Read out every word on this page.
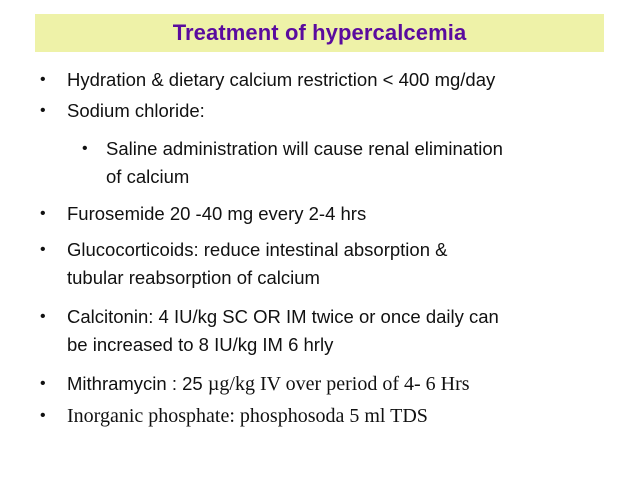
Treatment of hypercalcemia
• Hydration & dietary calcium restriction < 400 mg/day
• Sodium chloride:
• Saline administration will cause renal elimination
of calcium
• Furosemide 20 -40 mg every 2-4 hrs
• Glucocorticoids: reduce intestinal absorption &
tubular reabsorption of calcium
• Calcitonin: 4 IU/kg SC OR IM twice or once daily can
be increased to 8 IU/kg IM 6 hrly
• Mithramycin : 25 µg/kg IV over period of 4- 6 Hrs
• Inorganic phosphate: phosphosoda 5 ml TDS
